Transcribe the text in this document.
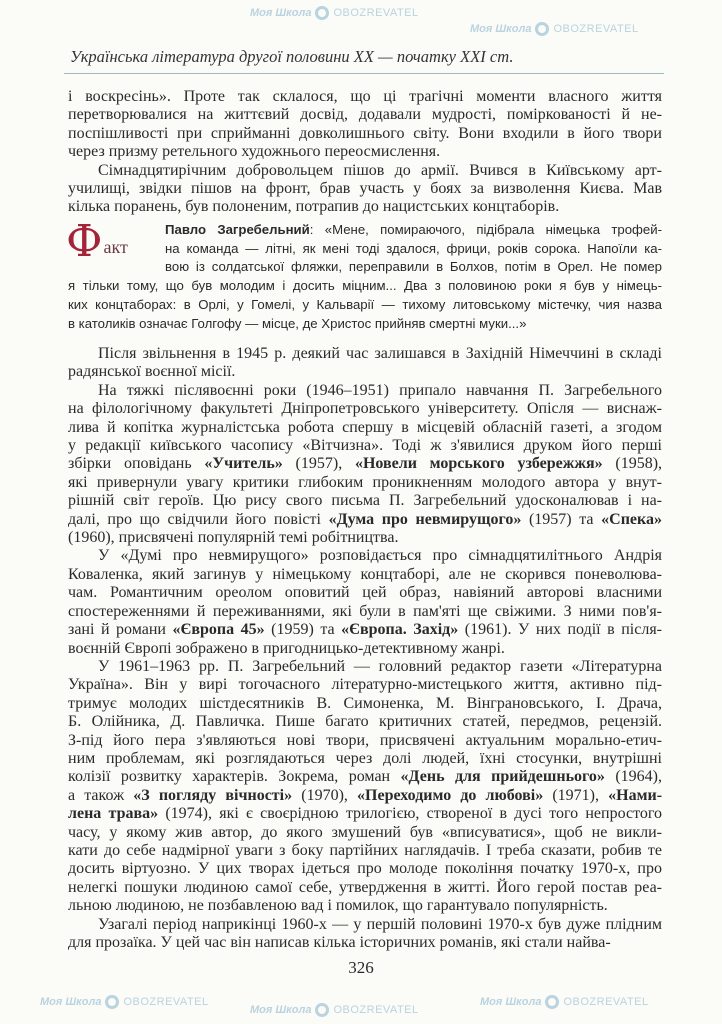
Моя Школа OBOZREVATEL
Моя Школа OBOZREVATEL
Моя Школа OBOZREVATEL
Моя Школа OBOZREVATEL
Моя Школа OBOZREVATEL
Українська література другої половини XX — початку XXI ст.
і воскресінь». Проте так склалося, що ці трагічні моменти власного життя
перетворювалися на життєвий досвід, додавали мудрості, поміркованості й не-
поспішливості при сприйманні довколишнього світу. Вони входили в його твори
через призму ретельного художнього переосмислення.
Сімнадцятирічним добровольцем пішов до армії. Вчився в Київському арт-
училищі, звідки пішов на фронт, брав участь у боях за визволення Києва. Мав
кілька поранень, був полоненим, потрапив до нацистських концтаборів.
Ф акт
Павло Загребельний: «Мене, помираючого, підібрала німецька трофей-
на команда — літні, як мені тоді здалося, фрици, років сорока. Напоїли ка-
вою із солдатської фляжки, переправили в Болхов, потім в Орел. Не помер
я тільки тому, що був молодим і досить міцним... Два з половиною роки я був у німець-
ких концтаборах: в Орлі, у Гомелі, у Кальварії — тихому литовському містечку, чия назва
в католиків означає Голгофу — місце, де Христос прийняв смертні муки...»
Після звільнення в 1945 р. деякий час залишався в Західній Німеччині в складі
радянської воєнної місії.
На тяжкі післявоєнні роки (1946–1951) припало навчання П. Загребельного
на філологічному факультеті Дніпропетровського університету. Опісля — виснаж-
лива й копітка журналістська робота спершу в місцевій обласній газеті, а згодом
у редакції київського часопису «Вітчизна». Тоді ж з'явилися друком його перші
збірки оповідань «Учитель» (1957), «Новели морського узбережжя» (1958),
які привернули увагу критики глибоким проникненням молодого автора у внут-
рішній світ героїв. Цю рису свого письма П. Загребельний удосконалював і на-
далі, про що свідчили його повісті «Дума про невмирущого» (1957) та «Спека»
(1960), присвячені популярній темі робітництва.
У «Думі про невмирущого» розповідається про сімнадцятилітнього Андрія
Коваленка, який загинув у німецькому концтаборі, але не скорився поневолюва-
чам. Романтичним ореолом оповитий цей образ, навіяний авторові власними
спостереженнями й переживаннями, які були в пам'яті ще свіжими. З ними пов'я-
зані й романи «Європа 45» (1959) та «Європа. Захід» (1961). У них події в після-
воєнній Європі зображено в пригодницько-детективному жанрі.
У 1961–1963 рр. П. Загребельний — головний редактор газети «Літературна
Україна». Він у вирі тогочасного літературно-мистецького життя, активно під-
тримує молодих шістдесятників В. Симоненка, М. Вінграновського, І. Драча,
Б. Олійника, Д. Павличка. Пише багато критичних статей, передмов, рецензій.
З-під його пера з'являються нові твори, присвячені актуальним морально-етич-
ним проблемам, які розглядаються через долі людей, їхні стосунки, внутрішні
колізії розвитку характерів. Зокрема, роман «День для прийдешнього» (1964),
а також «З погляду вічності» (1970), «Переходимо до любові» (1971), «Нами-
лена трава» (1974), які є своєрідною трилогією, створеної в дусі того непростого
часу, у якому жив автор, до якого змушений був «вписуватися», щоб не викли-
кати до себе надмірної уваги з боку партійних наглядачів. І треба сказати, робив те
досить віртуозно. У цих творах ідеться про молоде покоління початку 1970-х, про
нелегкі пошуки людиною самої себе, утвердження в житті. Його герой постав реа-
льною людиною, не позбавленою вад і помилок, що гарантувало популярність.
Узагалі період наприкінці 1960-х — у першій половині 1970-х був дуже плідним
для прозаїка. У цей час він написав кілька історичних романів, які стали найва-
326
